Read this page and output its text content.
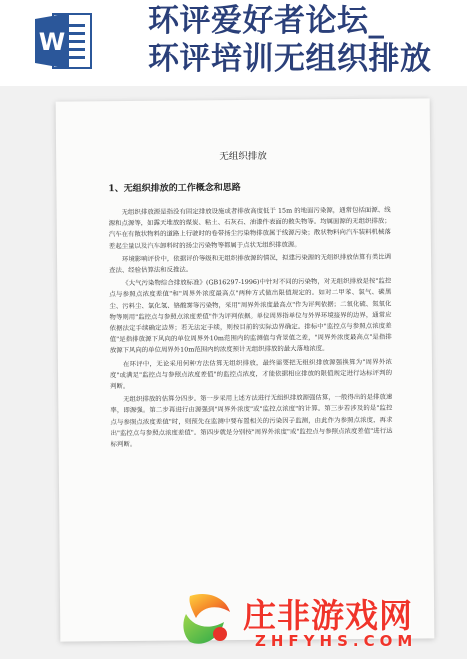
W
环评爱好者论坛_
环评培训无组织排放
无组织排放
1、无组织排放的工作概念和思路

无组织排放源是指没有固定排放设施或者排放高度低于 15m 的地面污染源，通常包括面源、线源和点源等，如露天堆放的煤炭、粘土、石灰石、油漆件表面的散失物等。均属面源的无组织排放；汽车在有散状物料的道路上行驶时的卷带扬尘污染物排放属于线源污染；散状物料向汽车装料机械落差起尘量以及汽车卸料时的扬尘污染物等都属于点状无组织排放源。

环境影响评价中，依据评价等级和无组织排放源的情况，拟建污染源的无组织排放估算有类比调查法、经验估算法和反推法。

《大气污染物综合排放标准》(GB16297-1996)中针对不同的污染物，对无组织排放是按"监控点与参照点浓度差值"和"周界外浓度最高点"两种方式做出限值规定的。如对二甲苯、氯气、碳黑尘、污料尘、氯化氢、铬酸雾等污染物，采用"周界外浓度最高点"作为评判依据；二氧化硫、氮氧化物等则用"监控点与参照点浓度差值"作为评判依据。单位周界指单位与外界环境接界的边界，通常应依据法定手续确定边界；若无法定手续，则按目前的实际边界确定。排标中"监控点与参照点浓度差值"是指排放源下风向的单位周界外10m范围内的监测值与背景值之差，"周界外浓度最高点"是指排放源下风向的单位周界外10m范围内的浓度预计无组织排放的最大落地浓度。

在环评中，无论采用何种方法估算无组织排放，最终需要把无组织排放源强换算为"周界外浓度"或满足"监控点与参照点浓度差值"的监控点浓度，才能依据相应排放的限值规定进行达标评判的判断。

无组织排放的估算分四步。第一步采用上述方法进行无组织排放源强估算，一般得出的是排放速率，即源强。第二步再进行由源强到"周界外浓度"或"监控点浓度"的计算。第三步若涉及的是"监控点与参照点浓度差值"时，则预先在监测中要布置相关的污染因子监测，由此作为参照点浓度，再求出"监控点与参照点浓度差值"。第四步就是分别按"周界外浓度"或"监控点与参照点浓度差值"进行达标判断。

庄非游戏网
ZHFYHS.COM
